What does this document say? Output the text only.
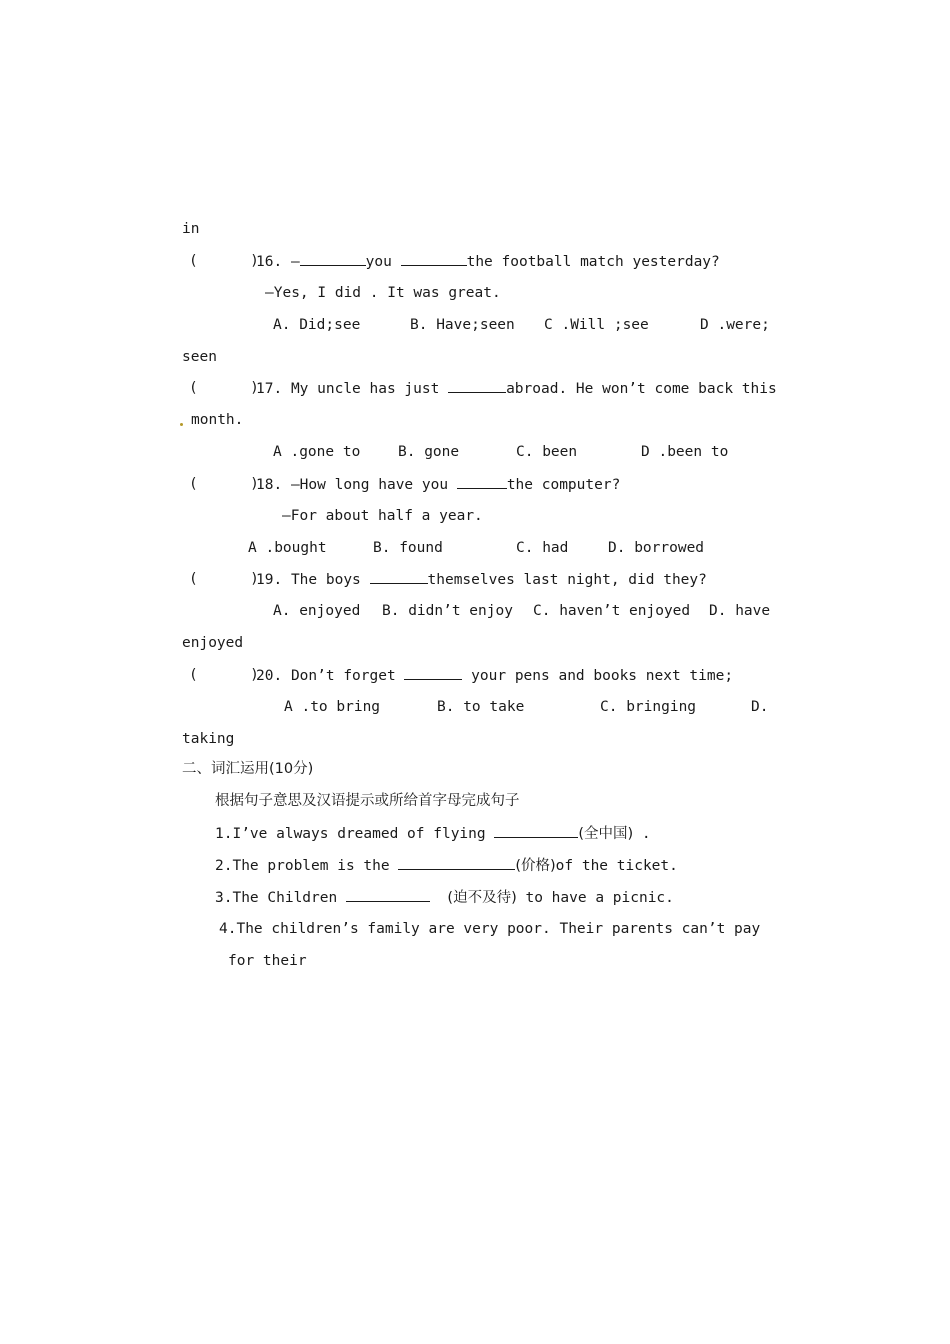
in
(      )
16. —	you	the football match yesterday?
—Yes, I did . It was great.
A. Did;see	B. Have;seen C .Will ;see	D .were;
seen
(      )
17. My uncle has just	abroad. He won’t come back this
month.
A .gone to	B. gone	C. been	D .been to
(      )
18. —How long have you	the computer?
—For about half a year.
A .bought	B. found	C. had	D. borrowed
(      )
19. The boys	themselves last night, did they?
A. enjoyed B. didn’t enjoy C. haven’t enjoyed D. have
enjoyed
(      )
20. Don’t forget	your pens and books next time;
A .to bring	B. to take	C. bringing	D.
taking
二、词汇运用(10分)
根据句子意思及汉语提示或所给首字母完成句子
1.I’ve always dreamed of flying	(全中国) .
2.The problem is the	(价格)of the ticket.
3.The Children	(迫不及待) to have a picnic.
4.The children’s family are very poor. Their parents can’t pay
for their
